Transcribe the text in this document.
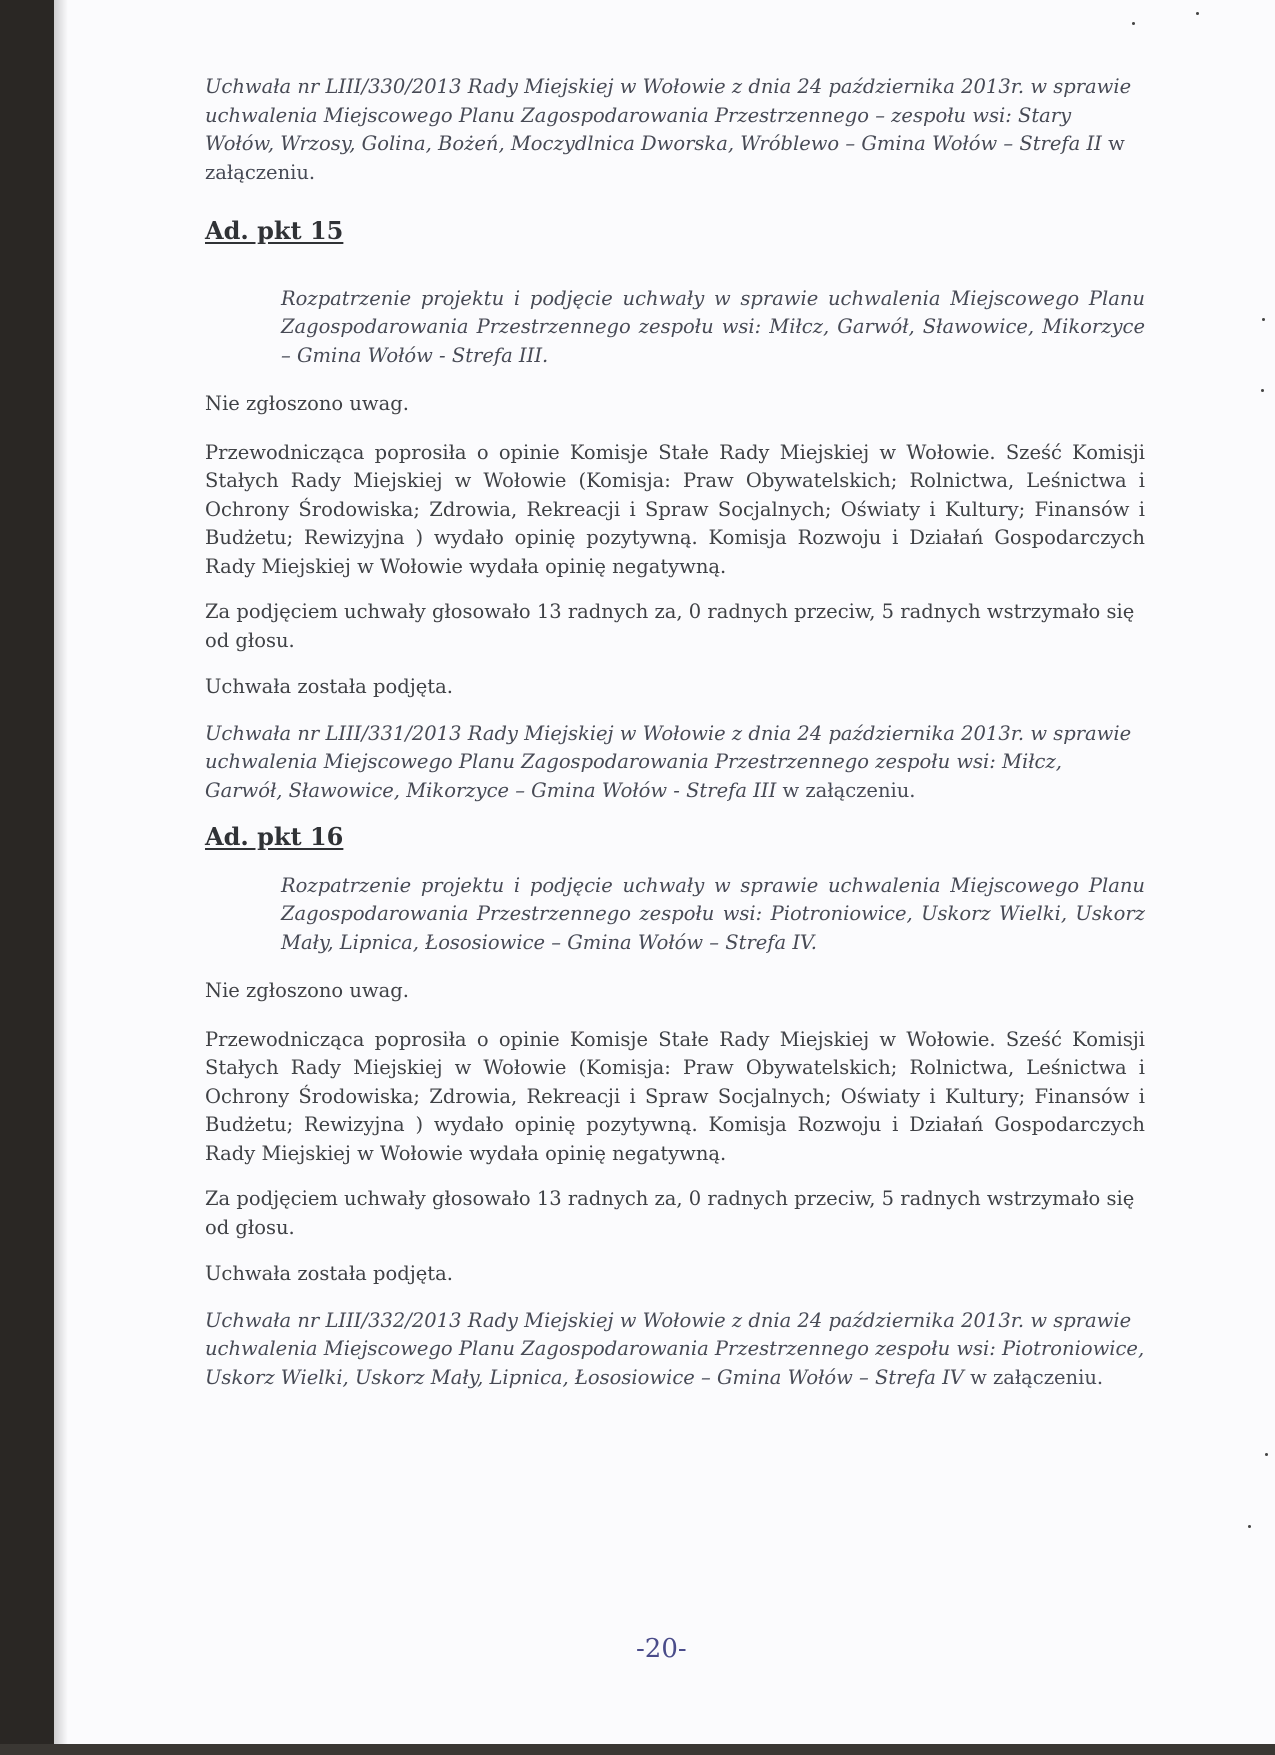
Uchwała nr LIII/330/2013 Rady Miejskiej w Wołowie z dnia 24 października 2013r. w sprawie uchwalenia Miejscowego Planu Zagospodarowania Przestrzennego – zespołu wsi: Stary Wołów, Wrzosy, Golina, Bożeń, Moczydlnica Dworska, Wróblewo – Gmina Wołów – Strefa II w załączeniu.

Ad. pkt 15

Rozpatrzenie projektu i podjęcie uchwały w sprawie uchwalenia Miejscowego Planu Zagospodarowania Przestrzennego zespołu wsi: Miłcz, Garwół, Sławowice, Mikorzyce – Gmina Wołów - Strefa III.

Nie zgłoszono uwag.

Przewodnicząca poprosiła o opinie Komisje Stałe Rady Miejskiej w Wołowie. Sześć Komisji Stałych Rady Miejskiej w Wołowie (Komisja: Praw Obywatelskich; Rolnictwa, Leśnictwa i Ochrony Środowiska; Zdrowia, Rekreacji i Spraw Socjalnych; Oświaty i Kultury; Finansów i Budżetu; Rewizyjna ) wydało opinię pozytywną. Komisja Rozwoju i Działań Gospodarczych Rady Miejskiej w Wołowie wydała opinię negatywną.

Za podjęciem uchwały głosowało 13 radnych za, 0 radnych przeciw, 5 radnych wstrzymało się od głosu.

Uchwała została podjęta.

Uchwała nr LIII/331/2013 Rady Miejskiej w Wołowie z dnia 24 października 2013r. w sprawie uchwalenia Miejscowego Planu Zagospodarowania Przestrzennego zespołu wsi: Miłcz, Garwół, Sławowice, Mikorzyce – Gmina Wołów - Strefa III w załączeniu.

Ad. pkt 16

Rozpatrzenie projektu i podjęcie uchwały w sprawie uchwalenia Miejscowego Planu Zagospodarowania Przestrzennego zespołu wsi: Piotroniowice, Uskorz Wielki, Uskorz Mały, Lipnica, Łososiowice – Gmina Wołów – Strefa IV.

Nie zgłoszono uwag.

Przewodnicząca poprosiła o opinie Komisje Stałe Rady Miejskiej w Wołowie. Sześć Komisji Stałych Rady Miejskiej w Wołowie (Komisja: Praw Obywatelskich; Rolnictwa, Leśnictwa i Ochrony Środowiska; Zdrowia, Rekreacji i Spraw Socjalnych; Oświaty i Kultury; Finansów i Budżetu; Rewizyjna ) wydało opinię pozytywną. Komisja Rozwoju i Działań Gospodarczych Rady Miejskiej w Wołowie wydała opinię negatywną.

Za podjęciem uchwały głosowało 13 radnych za, 0 radnych przeciw, 5 radnych wstrzymało się od głosu.

Uchwała została podjęta.

Uchwała nr LIII/332/2013 Rady Miejskiej w Wołowie z dnia 24 października 2013r. w sprawie uchwalenia Miejscowego Planu Zagospodarowania Przestrzennego zespołu wsi: Piotroniowice, Uskorz Wielki, Uskorz Mały, Lipnica, Łososiowice – Gmina Wołów – Strefa IV w załączeniu.

-20-
